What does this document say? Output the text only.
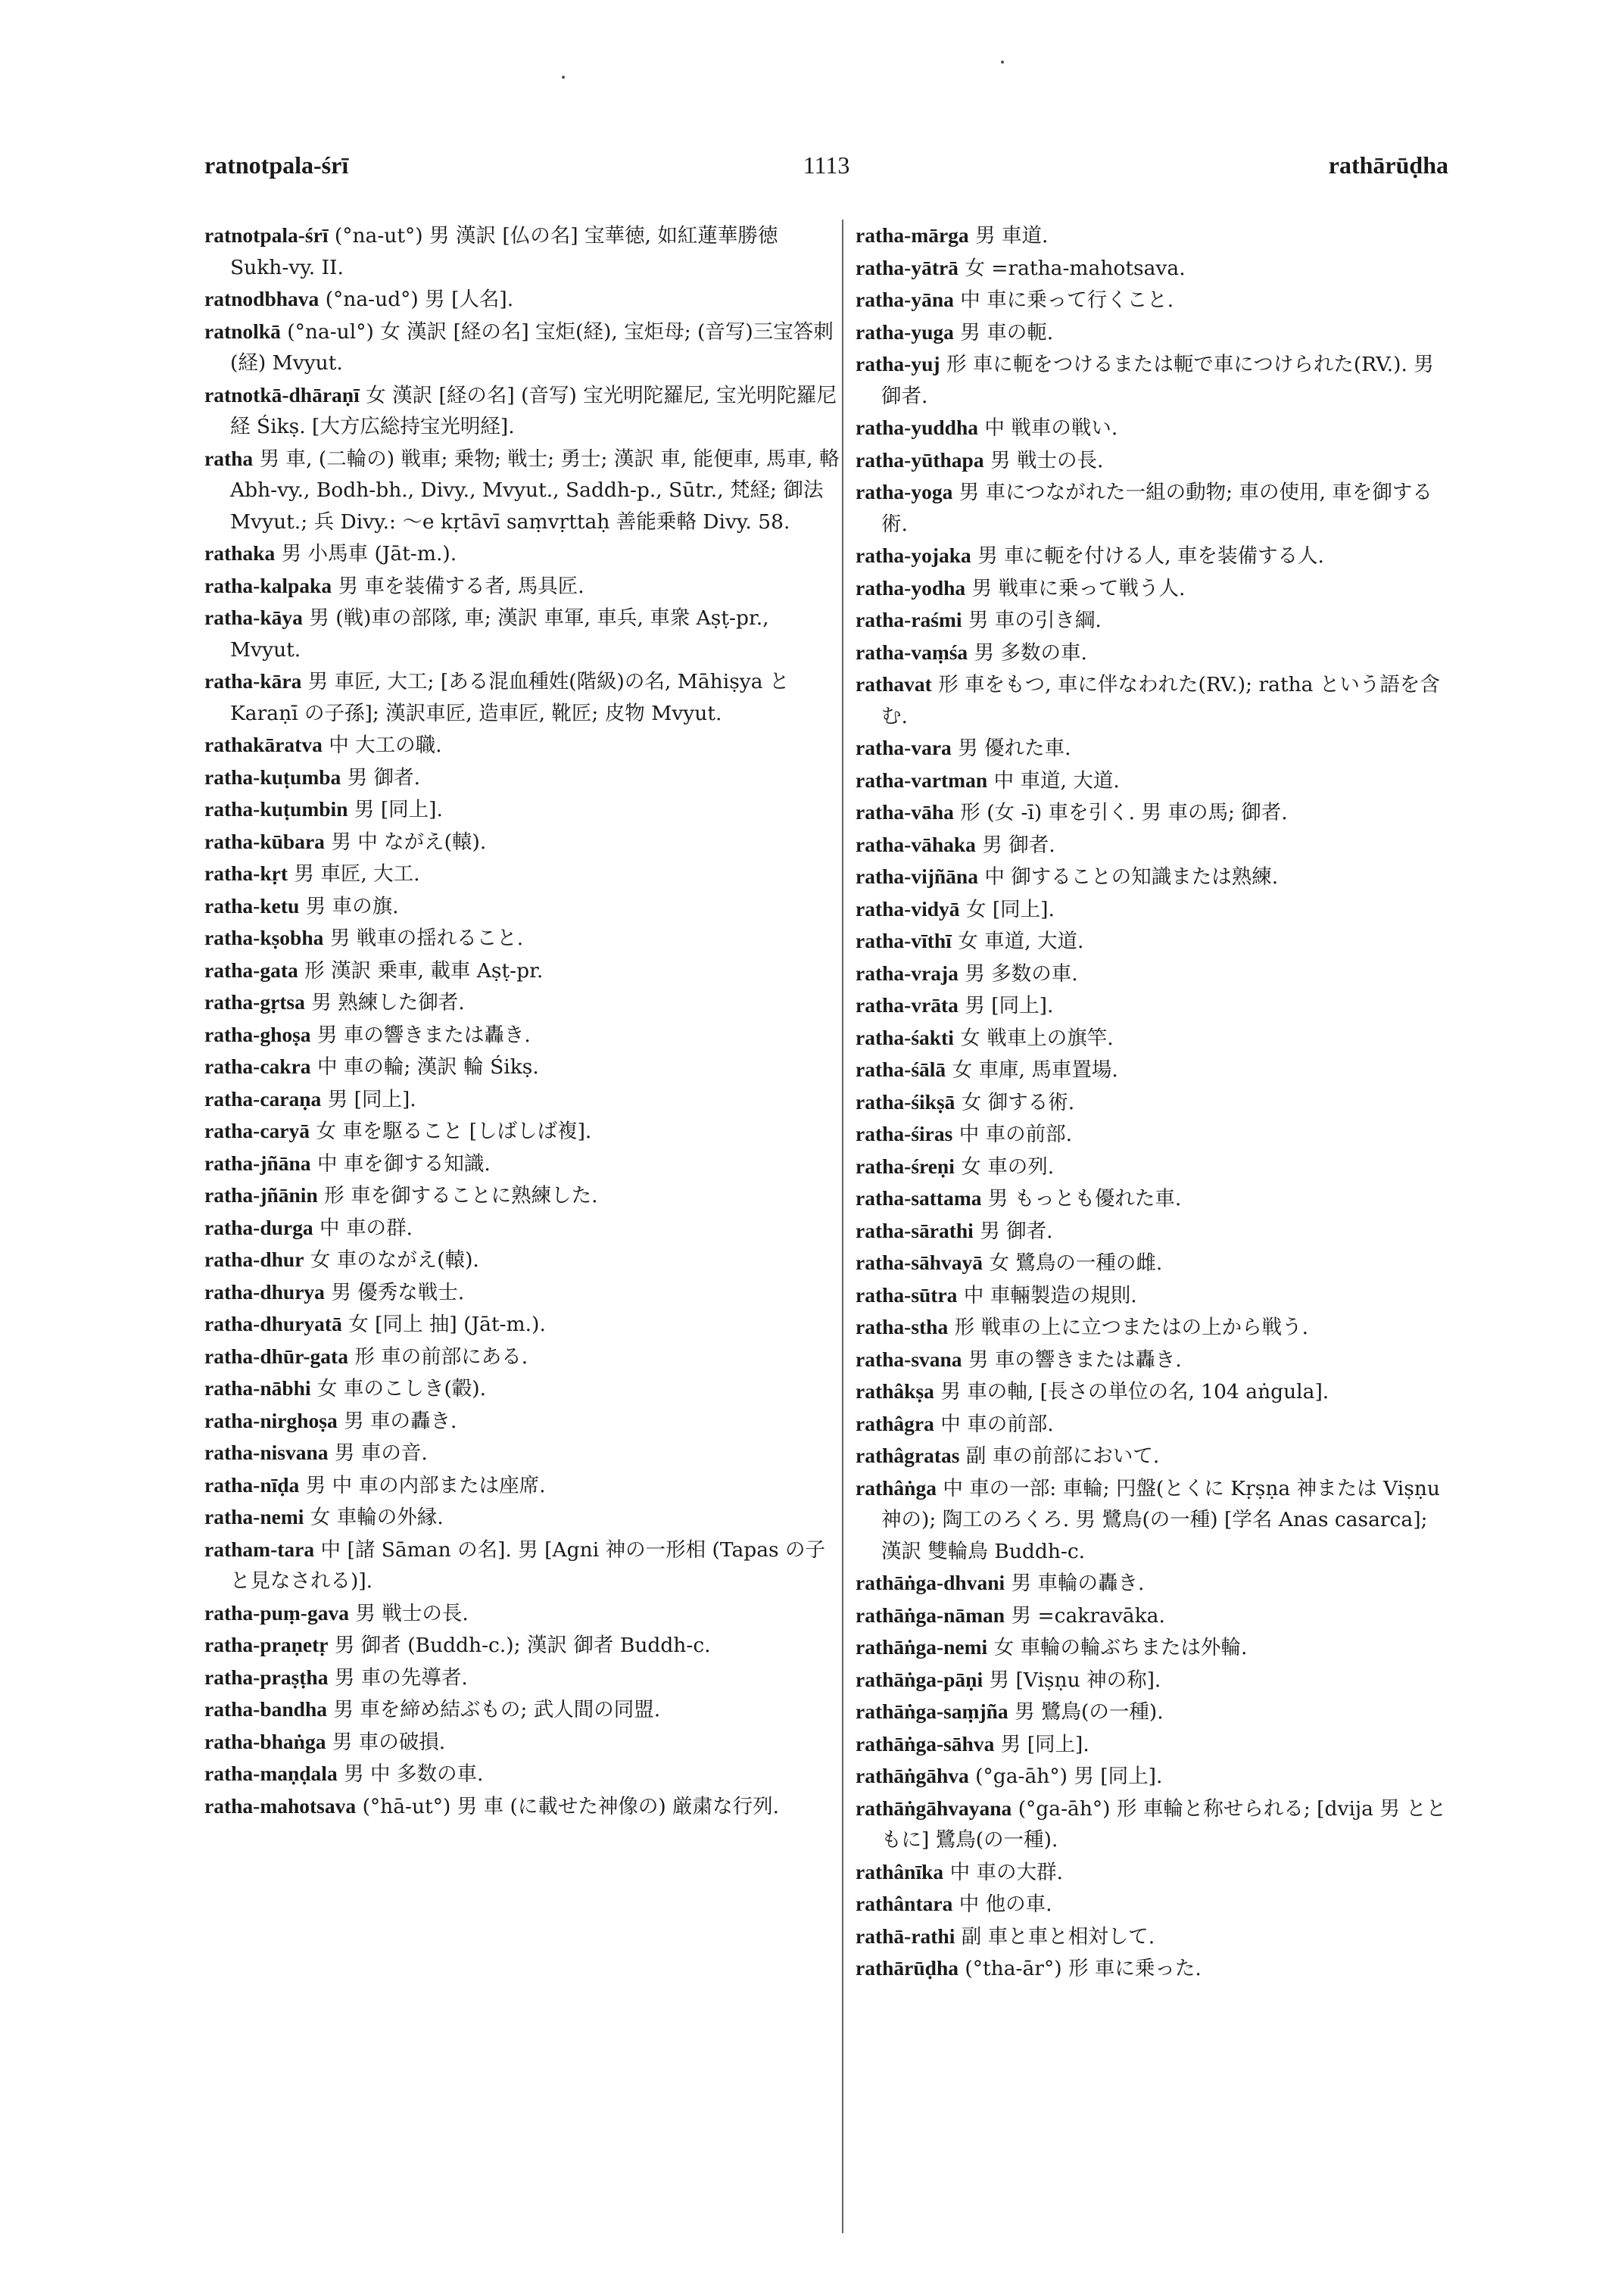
ratnotpala-śrī	1113	rathārūḍha
ratnotpala-śrī (°na-ut°) 男 漢訳 [仏の名] 宝華徳, 如紅蓮華勝徳 Sukh-vy. II.
ratnodbhava (°na-ud°) 男 [人名].
ratnolkā (°na-ul°) 女 漢訳 [経の名] 宝炬(経), 宝炬母; (音写)三宝答刺(経) Mvyut.
ratnotkā-dhāraṇī 女 漢訳 [経の名] (音写) 宝光明陀羅尼, 宝光明陀羅尼経 Śikṣ. [大方広総持宝光明経].
ratha 男 車, (二輪の) 戦車; 乗物; 戦士; 勇士; 漢訳 車, 能便車, 馬車, 輅 Abh-vy., Bodh-bh., Divy., Mvyut., Saddh-p., Sūtr., 梵経; 御法 Mvyut.; 兵 Divy.: ～e kṛtāvī saṃvṛttaḥ 善能乗輅 Divy. 58.
rathaka 男 小馬車 (Jāt-m.).
ratha-kalpaka 男 車を装備する者, 馬具匠.
ratha-kāya 男 (戦)車の部隊, 車; 漢訳 車軍, 車兵, 車衆 Aṣṭ-pr., Mvyut.
ratha-kāra 男 車匠, 大工; [ある混血種姓(階級)の名, Māhiṣya と Karaṇī の子孫]; 漢訳車匠, 造車匠, 靴匠; 皮物 Mvyut.
rathakāratva 中 大工の職.
ratha-kuṭumba 男 御者.
ratha-kuṭumbin 男 [同上].
ratha-kūbara 男 中 ながえ(轅).
ratha-kṛt 男 車匠, 大工.
ratha-ketu 男 車の旗.
ratha-kṣobha 男 戦車の揺れること.
ratha-gata 形 漢訳 乗車, 載車 Aṣṭ-pr.
ratha-gṛtsa 男 熟練した御者.
ratha-ghoṣa 男 車の響きまたは轟き.
ratha-cakra 中 車の輪; 漢訳 輪 Śikṣ.
ratha-caraṇa 男 [同上].
ratha-caryā 女 車を駆ること [しばしば複].
ratha-jñāna 中 車を御する知識.
ratha-jñānin 形 車を御することに熟練した.
ratha-durga 中 車の群.
ratha-dhur 女 車のながえ(轅).
ratha-dhurya 男 優秀な戦士.
ratha-dhuryatā 女 [同上 抽] (Jāt-m.).
ratha-dhūr-gata 形 車の前部にある.
ratha-nābhi 女 車のこしき(轂).
ratha-nirghoṣa 男 車の轟き.
ratha-nisvana 男 車の音.
ratha-nīḍa 男 中 車の内部または座席.
ratha-nemi 女 車輪の外縁.
ratham-tara 中 [諸 Sāman の名]. 男 [Agni 神の一形相 (Tapas の子と見なされる)].
ratha-puṃ-gava 男 戦士の長.
ratha-praṇetṛ 男 御者 (Buddh-c.); 漢訳 御者 Buddh-c.
ratha-praṣṭha 男 車の先導者.
ratha-bandha 男 車を締め結ぶもの; 武人間の同盟.
ratha-bhaṅga 男 車の破損.
ratha-maṇḍala 男 中 多数の車.
ratha-mahotsava (°hā-ut°) 男 車 (に載せた神像の) 厳粛な行列.
ratha-mārga 男 車道.
ratha-yātrā 女 =ratha-mahotsava.
ratha-yāna 中 車に乗って行くこと.
ratha-yuga 男 車の軛.
ratha-yuj 形 車に軛をつけるまたは軛で車につけられた(RV.). 男 御者.
ratha-yuddha 中 戦車の戦い.
ratha-yūthapa 男 戦士の長.
ratha-yoga 男 車につながれた一組の動物; 車の使用, 車を御する術.
ratha-yojaka 男 車に軛を付ける人, 車を装備する人.
ratha-yodha 男 戦車に乗って戦う人.
ratha-raśmi 男 車の引き綱.
ratha-vaṃśa 男 多数の車.
rathavat 形 車をもつ, 車に伴なわれた(RV.); ratha という語を含む.
ratha-vara 男 優れた車.
ratha-vartman 中 車道, 大道.
ratha-vāha 形 (女 -ī) 車を引く. 男 車の馬; 御者.
ratha-vāhaka 男 御者.
ratha-vijñāna 中 御することの知識または熟練.
ratha-vidyā 女 [同上].
ratha-vīthī 女 車道, 大道.
ratha-vraja 男 多数の車.
ratha-vrāta 男 [同上].
ratha-śakti 女 戦車上の旗竿.
ratha-śālā 女 車庫, 馬車置場.
ratha-śikṣā 女 御する術.
ratha-śiras 中 車の前部.
ratha-śreṇi 女 車の列.
ratha-sattama 男 もっとも優れた車.
ratha-sārathi 男 御者.
ratha-sāhvayā 女 鷺鳥の一種の雌.
ratha-sūtra 中 車輛製造の規則.
ratha-stha 形 戦車の上に立つまたはの上から戦う.
ratha-svana 男 車の響きまたは轟き.
rathâkṣa 男 車の軸, [長さの単位の名, 104 aṅgula].
rathâgra 中 車の前部.
rathâgratas 副 車の前部において.
rathâṅga 中 車の一部: 車輪; 円盤(とくに Kṛṣṇa 神または Viṣṇu 神の); 陶工のろくろ. 男 鷺鳥(の一種) [学名 Anas casarca]; 漢訳 雙輪鳥 Buddh-c.
rathāṅga-dhvani 男 車輪の轟き.
rathāṅga-nāman 男 =cakravāka.
rathāṅga-nemi 女 車輪の輪ぶちまたは外輪.
rathāṅga-pāṇi 男 [Viṣṇu 神の称].
rathāṅga-saṃjña 男 鷺鳥(の一種).
rathāṅga-sāhva 男 [同上].
rathāṅgāhva (°ga-āh°) 男 [同上].
rathāṅgāhvayana (°ga-āh°) 形 車輪と称せられる; [dvija 男 とともに] 鷺鳥(の一種).
rathânīka 中 車の大群.
rathântara 中 他の車.
rathā-rathi 副 車と車と相対して.
rathārūḍha (°tha-ār°) 形 車に乗った.
